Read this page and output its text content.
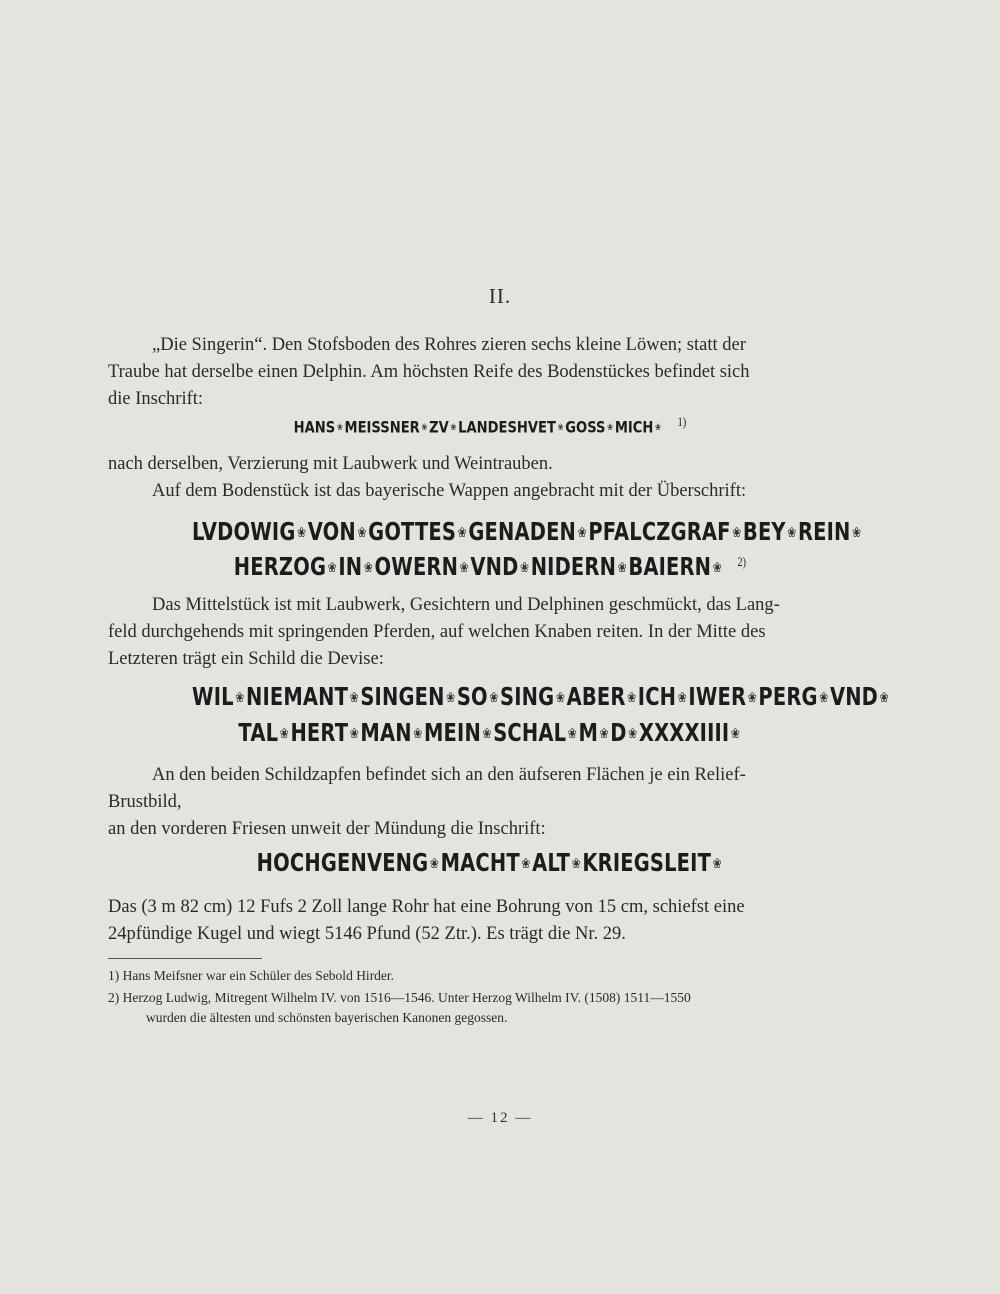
II.
„Die Singerin“. Den Stofsboden des Rohres zieren sechs kleine Löwen; statt der
Traube hat derselbe einen Delphin. Am höchsten Reife des Bodenstückes befindet sich
die Inschrift:
HANS ❀ MEISSNER ❀ ZV ❀ LANDESHVET ❀ GOSS ❀ MICH ❀ $^{1)}$
nach derselben, Verzierung mit Laubwerk und Weintrauben.
Auf dem Bodenstück ist das bayerische Wappen angebracht mit der Überschrift:
LVDOWIG ❀VON ❀GOTTES ❀GENADEN ❀PFALCZGRAF ❀BEY ❀REIN ❀
HERZOG ❀IN ❀OWERN ❀VND ❀NIDERN ❀BAIERN ❀ $^{2)}$
Das Mittelstück ist mit Laubwerk, Gesichtern und Delphinen geschmückt, das Lang-
feld durchgehends mit springenden Pferden, auf welchen Knaben reiten. In der Mitte des
Letzteren trägt ein Schild die Devise:
WIL ❀NIEMANT ❀SINGEN ❀SO ❀SING ❀ABER ❀ICH ❀IWER ❀PERG ❀VND ❀
TAL ❀HERT ❀MAN ❀MEIN ❀SCHAL ❀M ❀D ❀XXXXIIII ❀
An den beiden Schildzapfen befindet sich an den äufseren Flächen je ein Relief-
Brustbild,
an den vorderen Friesen unweit der Mündung die Inschrift:
HOCHGENVENG ❀MACHT ❀ALT ❀KRIEGSLEIT ❀
Das (3 m 82 cm) 12 Fufs 2 Zoll lange Rohr hat eine Bohrung von 15 cm, schiefst eine
24pfündige Kugel und wiegt 5146 Pfund (52 Ztr.). Es trägt die Nr. 29.
1) Hans Meifsner war ein Schüler des Sebold Hirder.
2) Herzog Ludwig, Mitregent Wilhelm IV. von 1516—1546. Unter Herzog Wilhelm IV. (1508) 1511—1550
wurden die ältesten und schönsten bayerischen Kanonen gegossen.
— 12 —
